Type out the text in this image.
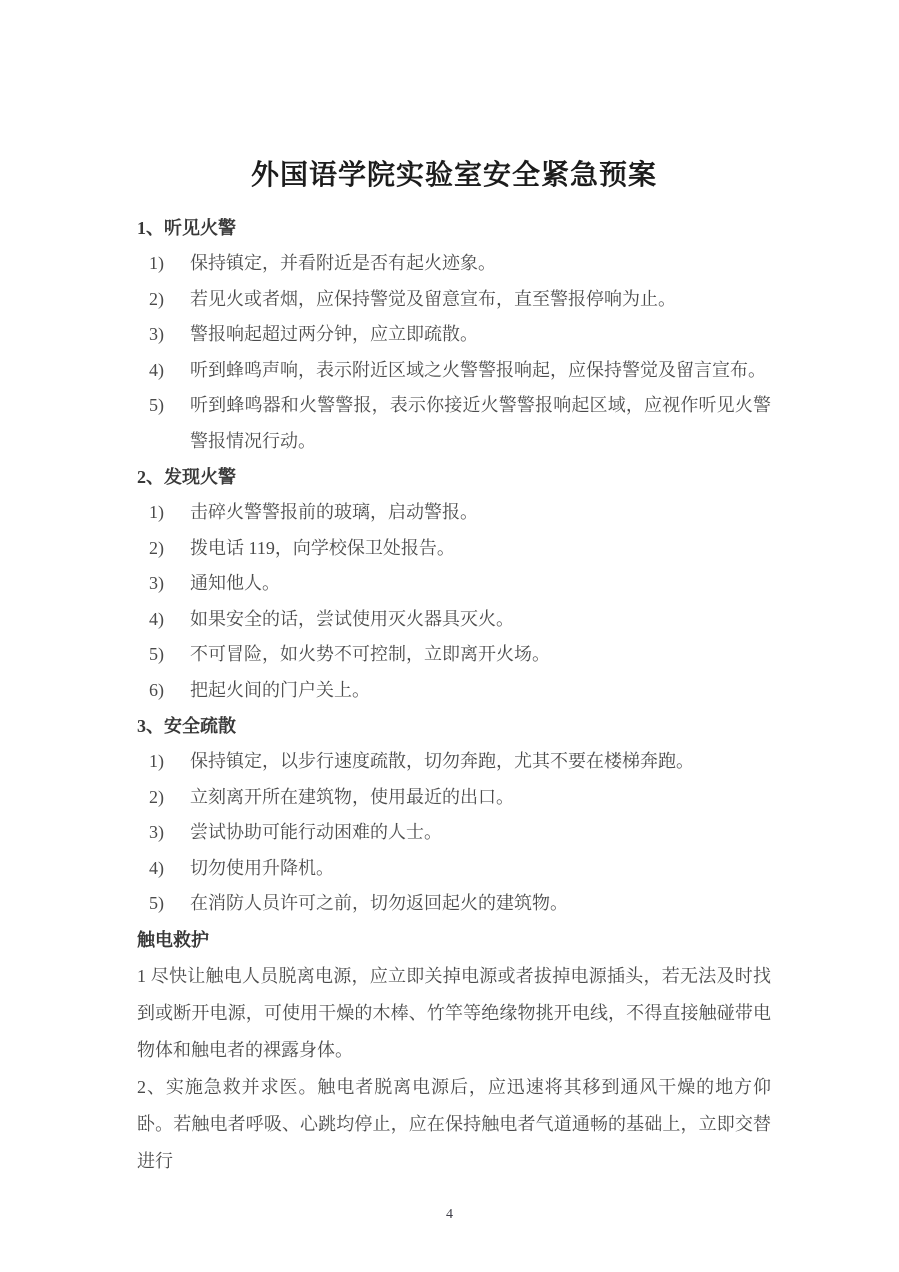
外国语学院实验室安全紧急预案
1、听见火警
1)	保持镇定，并看附近是否有起火迹象。
2)	若见火或者烟，应保持警觉及留意宣布，直至警报停响为止。
3)	警报响起超过两分钟，应立即疏散。
4)	听到蜂鸣声响，表示附近区域之火警警报响起，应保持警觉及留言宣布。
5)	听到蜂鸣器和火警警报，表示你接近火警警报响起区域，应视作听见火警警报情况行动。
2、发现火警
1)	击碎火警警报前的玻璃，启动警报。
2)	拨电话 119，向学校保卫处报告。
3)	通知他人。
4)	如果安全的话，尝试使用灭火器具灭火。
5)	不可冒险，如火势不可控制，立即离开火场。
6)	把起火间的门户关上。
3、安全疏散
1)	保持镇定，以步行速度疏散，切勿奔跑，尤其不要在楼梯奔跑。
2)	立刻离开所在建筑物，使用最近的出口。
3)	尝试协助可能行动困难的人士。
4)	切勿使用升降机。
5)	在消防人员许可之前，切勿返回起火的建筑物。
触电救护

1 尽快让触电人员脱离电源，应立即关掉电源或者拔掉电源插头，若无法及时找到或断开电源，可使用干燥的木棒、竹竿等绝缘物挑开电线，不得直接触碰带电物体和触电者的裸露身体。

2、实施急救并求医。触电者脱离电源后，应迅速将其移到通风干燥的地方仰卧。若触电者呼吸、心跳均停止，应在保持触电者气道通畅的基础上，立即交替进行

4
